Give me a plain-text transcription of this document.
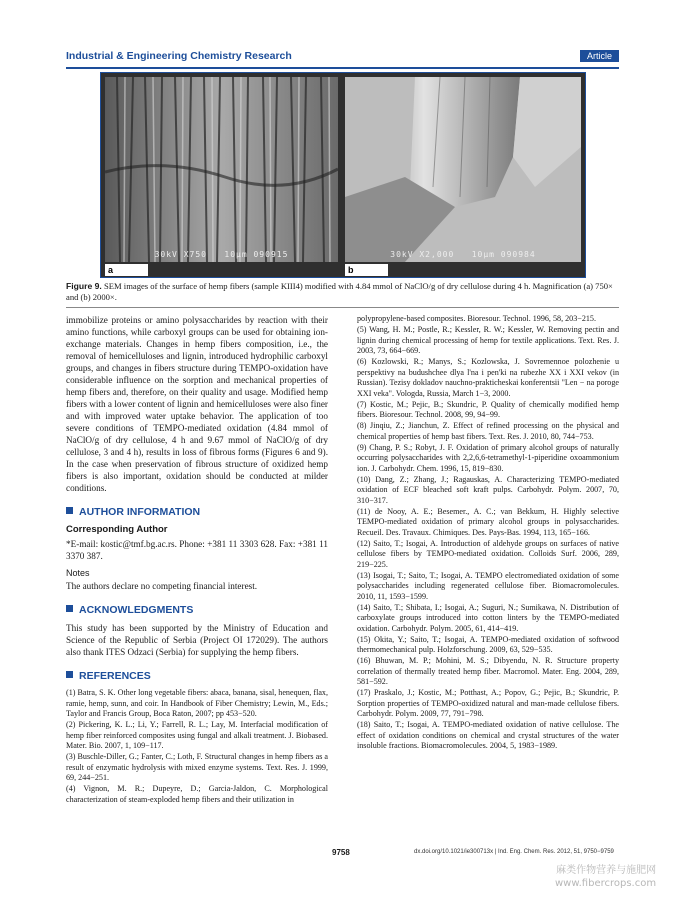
Industrial & Engineering Chemistry Research	Article
30kV X750   10μm 090915	30kV X2,000   10μm 090984
a	b
Figure 9. SEM images of the surface of hemp fibers (sample KIII4) modified with 4.84 mmol of NaClO/g of dry cellulose during 4 h. Magnification (a) 750× and (b) 2000×.

immobilize proteins or amino polysaccharides by reaction with their amino functions, while carboxyl groups can be used for obtaining ion-exchange materials. Changes in hemp fibers composition, i.e., the removal of hemicelluloses and lignin, introduced hydrophilic carboxyl groups, and changes in fibers structure during TEMPO-oxidation have considerable influence on the sorption and mechanical properties of hemp fibers and, therefore, on their quality and usage. Modified hemp fibers with a lower content of lignin and hemicelluloses were also finer and with improved water uptake behavior. The application of too severe conditions of TEMPO-mediated oxidation (4.84 mmol of NaClO/g of dry cellulose, 4 h and 9.67 mmol of NaClO/g of dry cellulose, 3 and 4 h), results in loss of fibrous forms (Figures 6 and 9). In the case when preservation of fibrous structure of oxidized hemp fibers is also important, oxidation should be conducted at milder conditions.

AUTHOR INFORMATION
Corresponding Author

*E-mail: kostic@tmf.bg.ac.rs. Phone: +381 11 3303 628. Fax: +381 11 3370 387.

Notes

The authors declare no competing financial interest.

ACKNOWLEDGMENTS

This study has been supported by the Ministry of Education and Science of the Republic of Serbia (Project OI 172029). The authors also thank ITES Odzaci (Serbia) for supplying the hemp fibers.

REFERENCES

(1) Batra, S. K. Other long vegetable fibers: abaca, banana, sisal, henequen, flax, ramie, hemp, sunn, and coir. In Handbook of Fiber Chemistry; Lewin, M., Eds.; Taylor and Francis Group, Boca Raton, 2007; pp 453−520.

(2) Pickering, K. L.; Li, Y.; Farrell, R. L.; Lay, M. Interfacial modification of hemp fiber reinforced composites using fungal and alkali treatment. J. Biobased. Mater. Bio. 2007, 1, 109−117.

(3) Buschle-Diller, G.; Fanter, C.; Loth, F. Structural changes in hemp fibers as a result of enzymatic hydrolysis with mixed enzyme systems. Text. Res. J. 1999, 69, 244−251.

(4) Vignon, M. R.; Dupeyre, D.; Garcia-Jaldon, C. Morphological characterization of steam-exploded hemp fibers and their utilization in

polypropylene-based composites. Bioresour. Technol. 1996, 58, 203−215.

(5) Wang, H. M.; Postle, R.; Kessler, R. W.; Kessler, W. Removing pectin and lignin during chemical processing of hemp for textile applications. Text. Res. J. 2003, 73, 664−669.

(6) Kozlowski, R.; Manys, S.; Kozlowska, J. Sovremennoe polozhenie u perspektivy na budushchee dlya l'na i pen'ki na rubezhe XX i XXI vekov (in Russian). Tezisy dokladov nauchno-prakticheskai konferentsii "Len − na poroge XXI veka". Vologda, Russia, March 1−3, 2000.

(7) Kostic, M.; Pejic, B.; Skundric, P. Quality of chemically modified hemp fibers. Bioresour. Technol. 2008, 99, 94−99.

(8) Jinqiu, Z.; Jianchun, Z. Effect of refined processing on the physical and chemical properties of hemp bast fibers. Text. Res. J. 2010, 80, 744−753.

(9) Chang, P. S.; Robyt, J. F. Oxidation of primary alcohol groups of naturally occurring polysaccharides with 2,2,6,6-tetramethyl-1-piperidine oxoammonium ion. J. Carbohydr. Chem. 1996, 15, 819−830.

(10) Dang, Z.; Zhang, J.; Ragauskas, A. Characterizing TEMPO-mediated oxidation of ECF bleached soft kraft pulps. Carbohydr. Polym. 2007, 70, 310−317.

(11) de Nooy, A. E.; Besemer., A. C.; van Bekkum, H. Highly selective TEMPO-mediated oxidation of primary alcohol groups in polysaccharides. Recueil. Des. Travaux. Chimiques. Des. Pays-Bas. 1994, 113, 165−166.

(12) Saito, T.; Isogai, A. Introduction of aldehyde groups on surfaces of native cellulose fibers by TEMPO-mediated oxidation. Colloids Surf. 2006, 289, 219−225.

(13) Isogai, T.; Saito, T.; Isogai, A. TEMPO electromediated oxidation of some polysaccharides including regenerated cellulose fiber. Biomacromolecules. 2010, 11, 1593−1599.

(14) Saito, T.; Shibata, I.; Isogai, A.; Suguri, N.; Sumikawa, N. Distribution of carboxylate groups introduced into cotton linters by the TEMPO-mediated oxidation. Carbohydr. Polym. 2005, 61, 414−419.

(15) Okita, Y.; Saito, T.; Isogai, A. TEMPO-mediated oxidation of softwood thermomechanical pulp. Holzforschung. 2009, 63, 529−535.

(16) Bhuwan, M. P.; Mohini, M. S.; Dibyendu, N. R. Structure property correlation of thermally treated hemp fiber. Macromol. Mater. Eng. 2004, 289, 581−592.

(17) Praskalo, J.; Kostic, M.; Potthast, A.; Popov, G.; Pejic, B.; Skundric, P. Sorption properties of TEMPO-oxidized natural and man-made cellulose fibers. Carbohydr. Polym. 2009, 77, 791−798.

(18) Saito, T.; Isogai, A. TEMPO-mediated oxidation of native cellulose. The effect of oxidation conditions on chemical and crystal structures of the water insoluble fractions. Biomacromolecules. 2004, 5, 1983−1989.

9758	dx.doi.org/10.1021/ie300713x | Ind. Eng. Chem. Res. 2012, 51, 9750−9759
麻类作物营养与施肥网
www.fibercrops.com
